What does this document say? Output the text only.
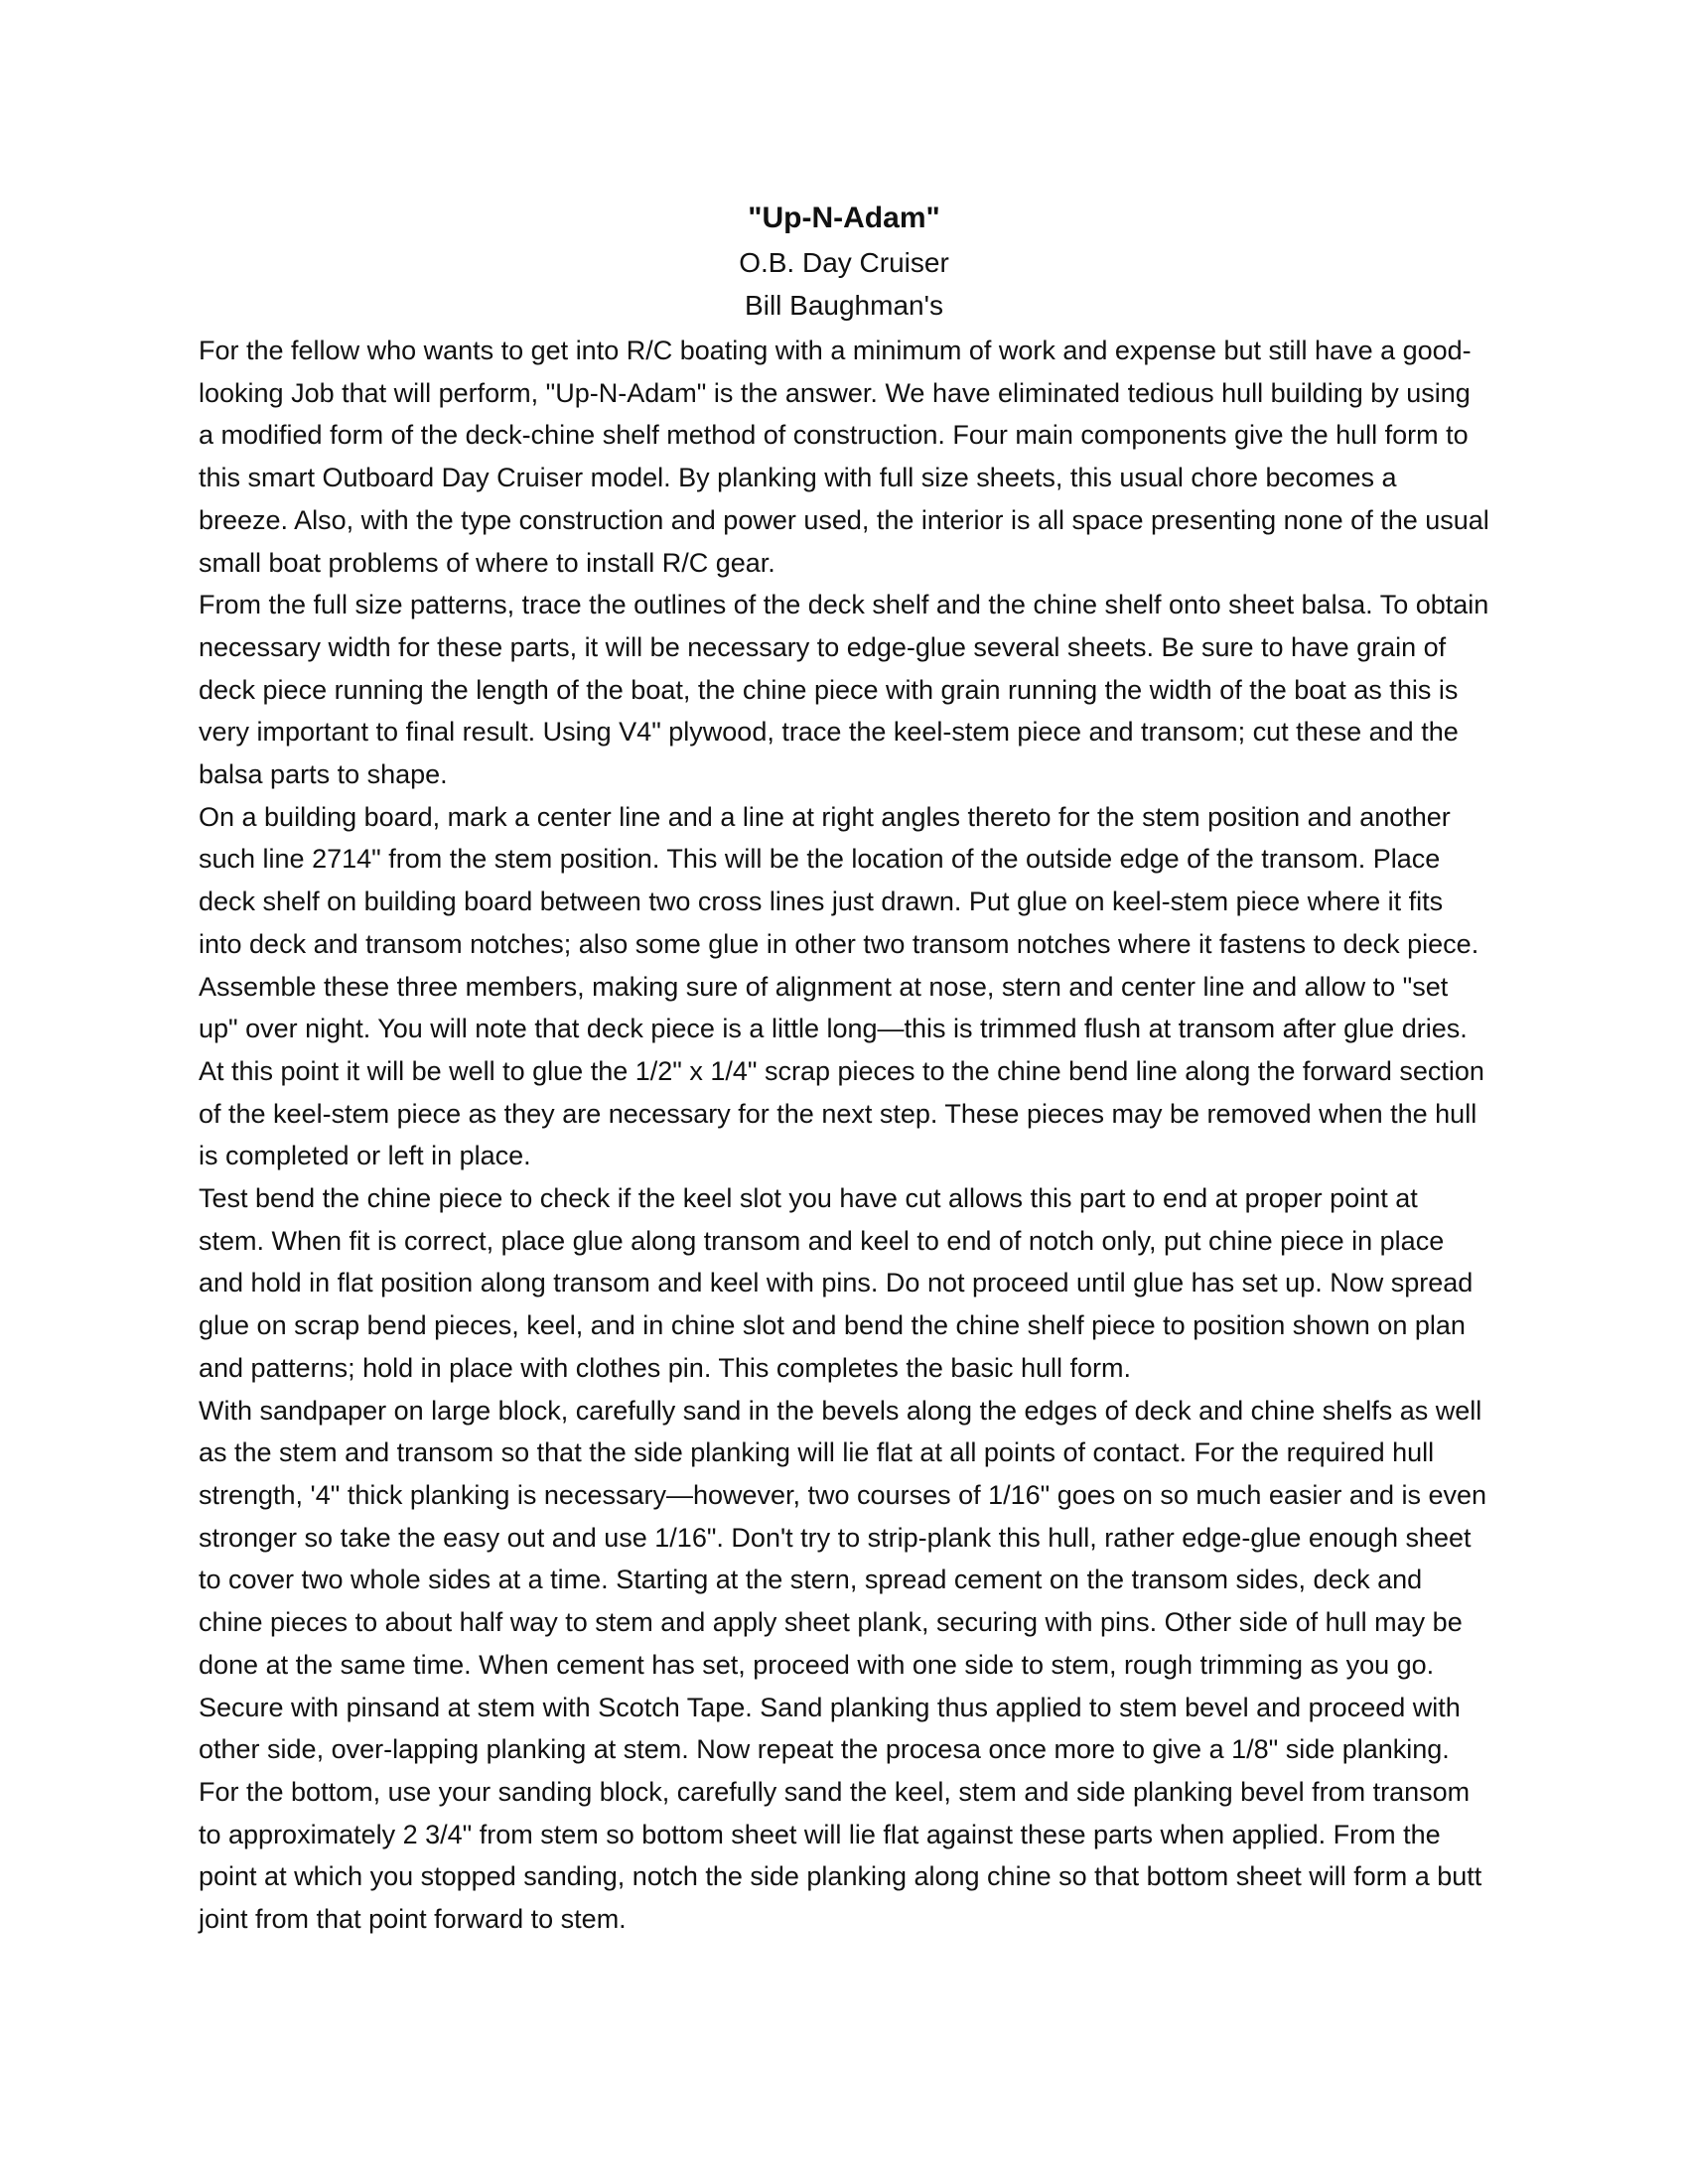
"Up-N-Adam"
O.B. Day Cruiser
Bill Baughman's

For the fellow who wants to get into R/C boating with a minimum of work and expense but still have a good-looking Job that will perform, "Up-N-Adam" is the answer. We have eliminated tedious hull building by using a modified form of the deck-chine shelf method of construction. Four main components give the hull form to this smart Outboard Day Cruiser model. By planking with full size sheets, this usual chore becomes a breeze. Also, with the type construction and power used, the interior is all space presenting none of the usual small boat problems of where to install R/C gear.

From the full size patterns, trace the outlines of the deck shelf and the chine shelf onto sheet balsa. To obtain necessary width for these parts, it will be necessary to edge-glue several sheets. Be sure to have grain of deck piece running the length of the boat, the chine piece with grain running the width of the boat as this is very important to final result. Using V4" plywood, trace the keel-stem piece and transom; cut these and the balsa parts to shape.

On a building board, mark a center line and a line at right angles thereto for the stem position and another such line 2714" from the stem position. This will be the location of the outside edge of the transom. Place deck shelf on building board between two cross lines just drawn. Put glue on keel-stem piece where it fits into deck and transom notches; also some glue in other two transom notches where it fastens to deck piece. Assemble these three members, making sure of alignment at nose, stern and center line and allow to "set up" over night. You will note that deck piece is a little long—this is trimmed flush at transom after glue dries. At this point it will be well to glue the 1/2" x 1/4" scrap pieces to the chine bend line along the forward section of the keel-stem piece as they are necessary for the next step. These pieces may be removed when the hull is completed or left in place.

Test bend the chine piece to check if the keel slot you have cut allows this part to end at proper point at stem. When fit is correct, place glue along transom and keel to end of notch only, put chine piece in place and hold in flat position along transom and keel with pins. Do not proceed until glue has set up. Now spread glue on scrap bend pieces, keel, and in chine slot and bend the chine shelf piece to position shown on plan and patterns; hold in place with clothes pin. This completes the basic hull form.

With sandpaper on large block, carefully sand in the bevels along the edges of deck and chine shelfs as well as the stem and transom so that the side planking will lie flat at all points of contact. For the required hull strength, '4" thick planking is necessary—however, two courses of 1/16" goes on so much easier and is even stronger so take the easy out and use 1/16". Don't try to strip-plank this hull, rather edge-glue enough sheet to cover two whole sides at a time. Starting at the stern, spread cement on the transom sides, deck and chine pieces to about half way to stem and apply sheet plank, securing with pins. Other side of hull may be done at the same time. When cement has set, proceed with one side to stem, rough trimming as you go. Secure with pinsand at stem with Scotch Tape. Sand planking thus applied to stem bevel and proceed with other side, over-lapping planking at stem. Now repeat the procesa once more to give a 1/8" side planking.

For the bottom, use your sanding block, carefully sand the keel, stem and side planking bevel from transom to approximately 2 3/4" from stem so bottom sheet will lie flat against these parts when applied. From the point at which you stopped sanding, notch the side planking along chine so that bottom sheet will form a butt joint from that point forward to stem.
